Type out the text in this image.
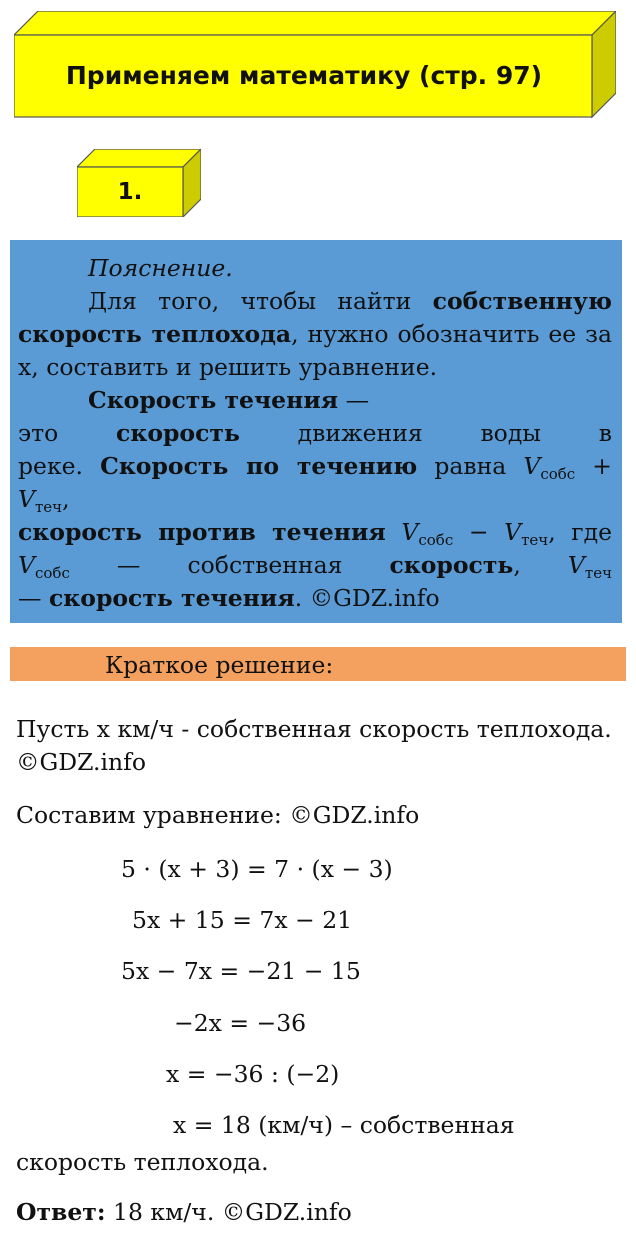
Применяем математику (стр. 97)
1.

Пояснение.

Для того, чтобы найти собственную скорость теплохода, нужно обозначить ее за х, составить и решить уравнение.

Скорость течения —

это скорость движения воды в

реке. Скорость по течению равна $V_{собс}$ +

$V_{теч}$,

скорость против течения $V_{собс} - V_{теч}$, где

$V_{собс}$ — собственная скорость, $V_{теч}$

— скорость течения. ©GDZ.info

Краткое решение:

Пусть х км/ч - собственная скорость теплохода. ©GDZ.info

Составим уравнение: ©GDZ.info

5 · (x + 3) = 7 · (x − 3)

5x + 15 = 7x − 21

5x − 7x = −21 − 15

−2x = −36

x = −36 : (−2)

x = 18 (км/ч) – собственная

скорость теплохода.

Ответ: 18 км/ч. ©GDZ.info
